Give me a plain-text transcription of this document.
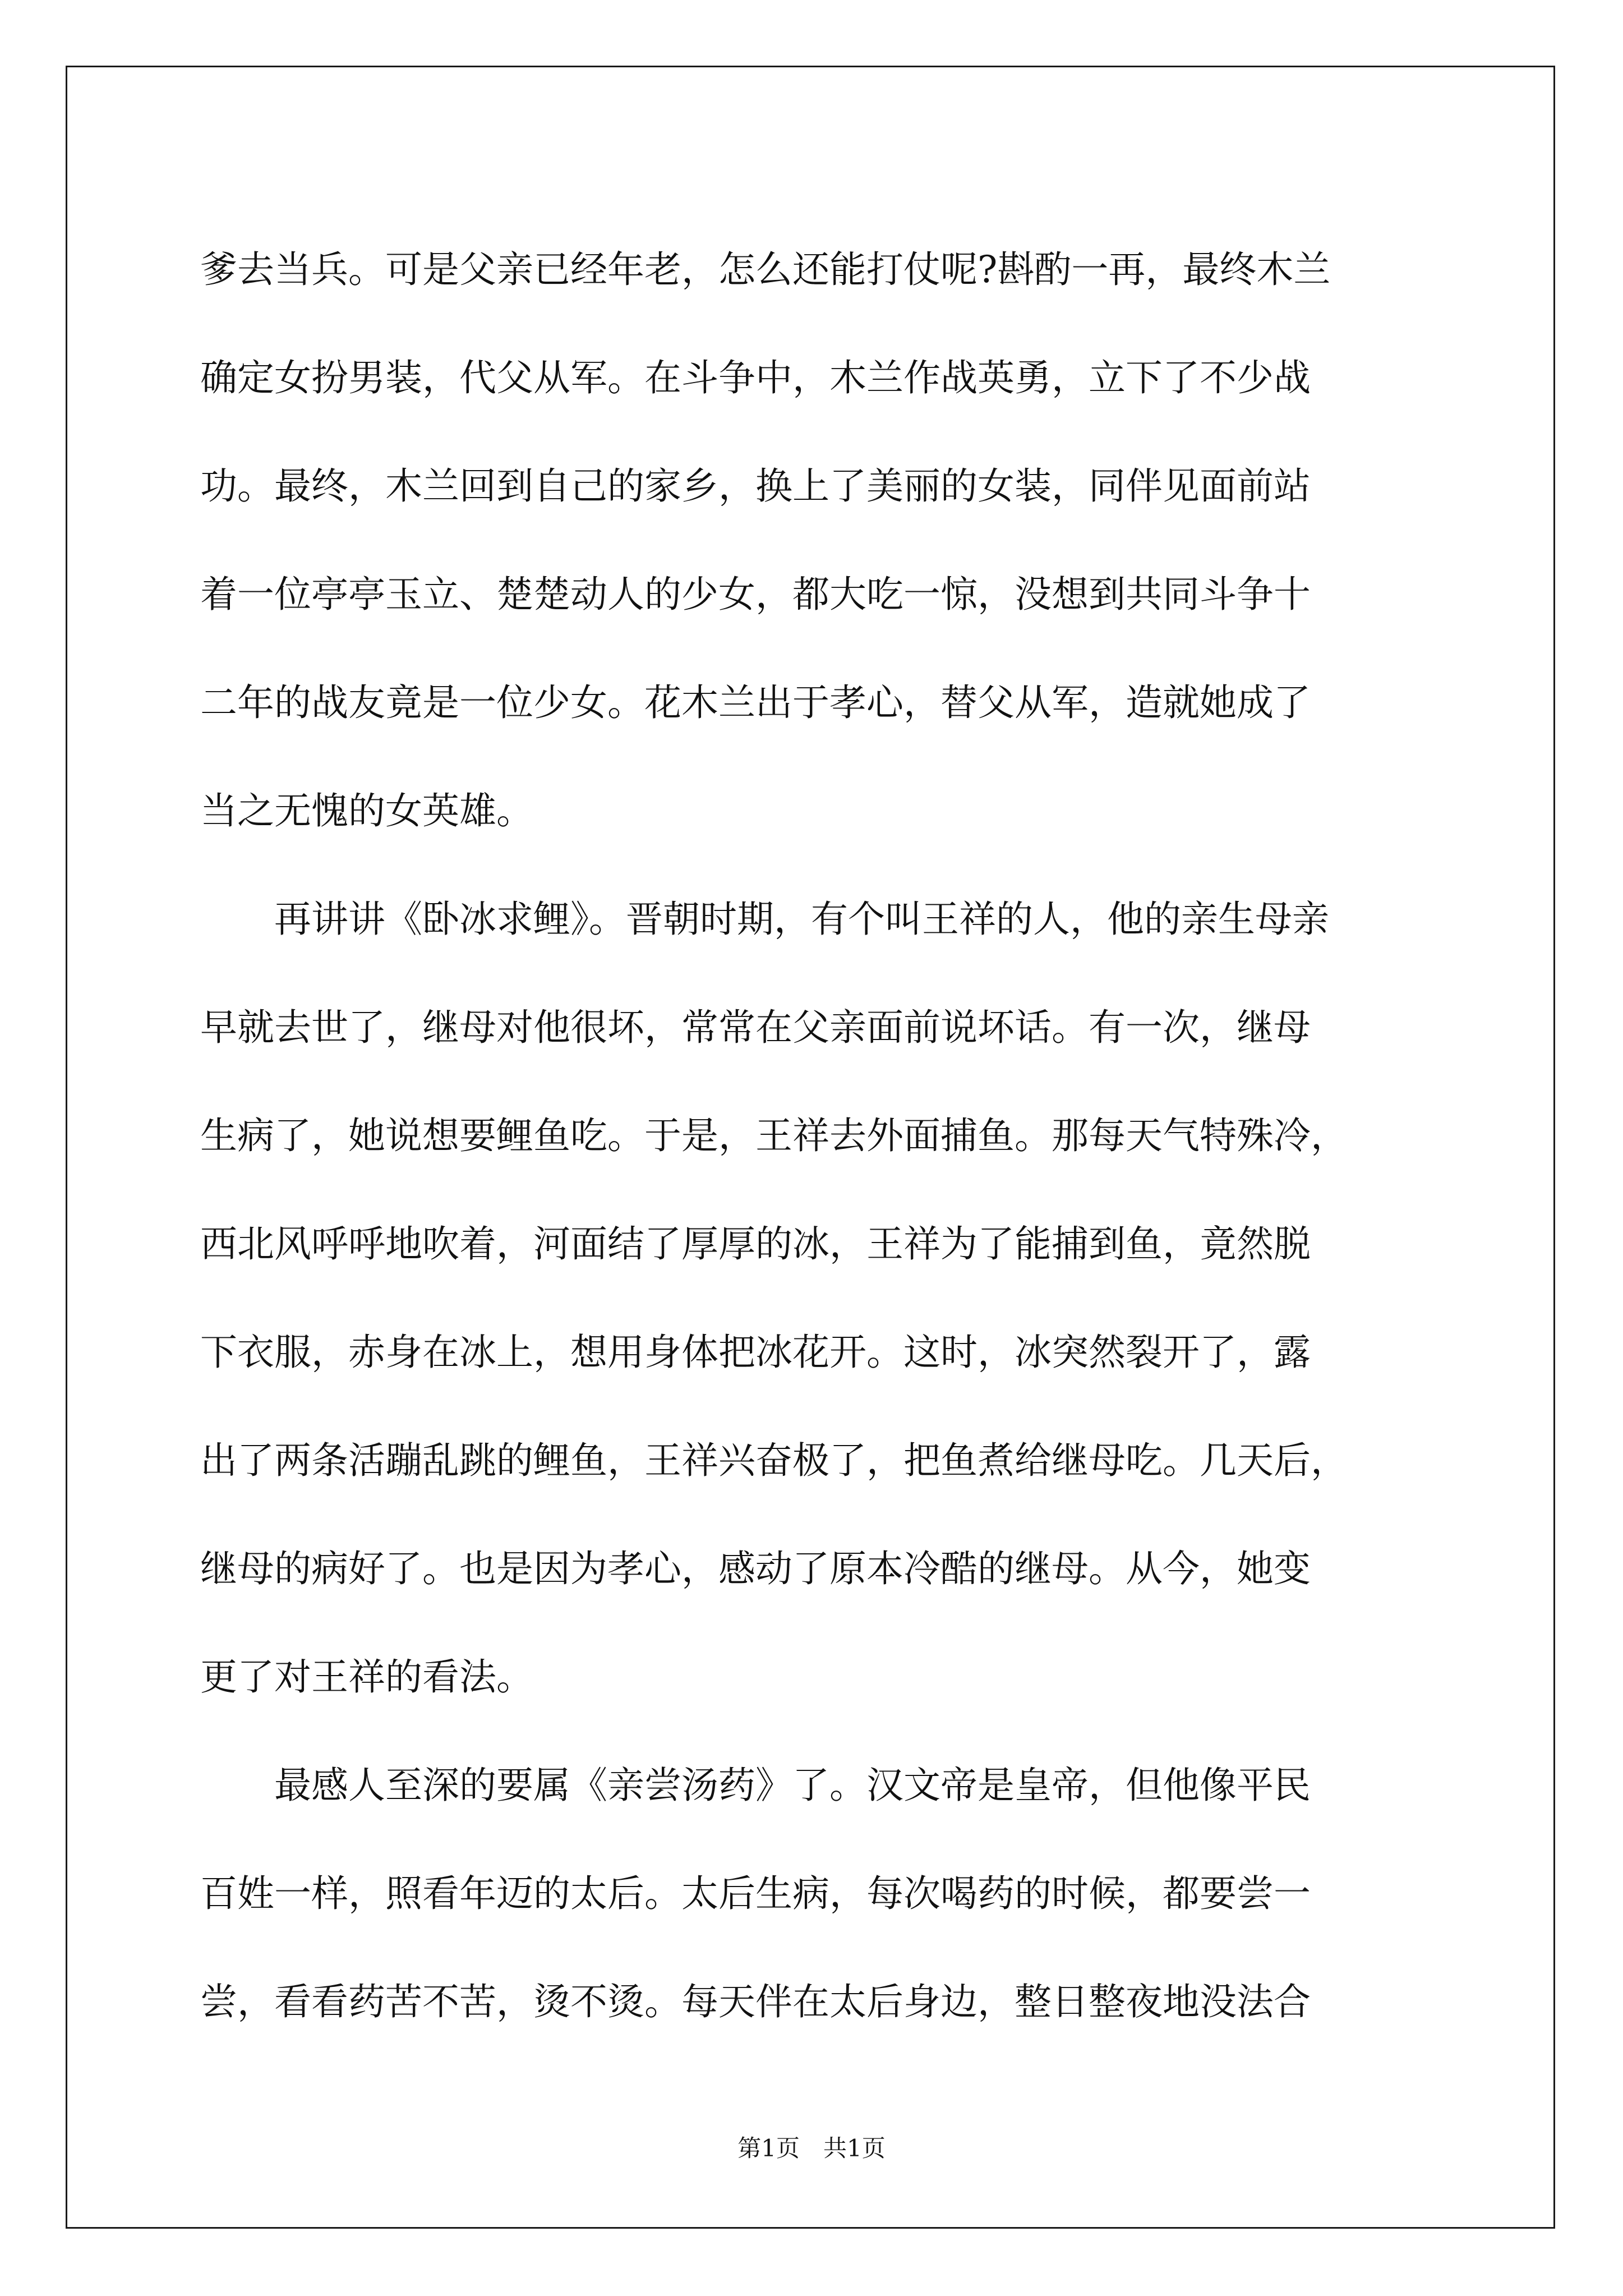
爹去当兵。可是父亲已经年老，怎么还能打仗呢?斟酌一再，最终木兰
确定女扮男装，代父从军。在斗争中，木兰作战英勇，立下了不少战
功。最终，木兰回到自己的家乡，换上了美丽的女装，同伴见面前站
着一位亭亭玉立、楚楚动人的少女，都大吃一惊，没想到共同斗争十
二年的战友竟是一位少女。花木兰出于孝心，替父从军，造就她成了
当之无愧的女英雄。
　　再讲讲《卧冰求鲤》。晋朝时期，有个叫王祥的人，他的亲生母亲
早就去世了，继母对他很坏，常常在父亲面前说坏话。有一次，继母
生病了，她说想要鲤鱼吃。于是，王祥去外面捕鱼。那每天气特殊冷，
西北风呼呼地吹着，河面结了厚厚的冰，王祥为了能捕到鱼，竟然脱
下衣服，赤身在冰上，想用身体把冰花开。这时，冰突然裂开了，露
出了两条活蹦乱跳的鲤鱼，王祥兴奋极了，把鱼煮给继母吃。几天后，
继母的病好了。也是因为孝心，感动了原本冷酷的继母。从今，她变
更了对王祥的看法。
　　最感人至深的要属《亲尝汤药》了。汉文帝是皇帝，但他像平民
百姓一样，照看年迈的太后。太后生病，每次喝药的时候，都要尝一
尝，看看药苦不苦，烫不烫。每天伴在太后身边，整日整夜地没法合
第1页　共1页
